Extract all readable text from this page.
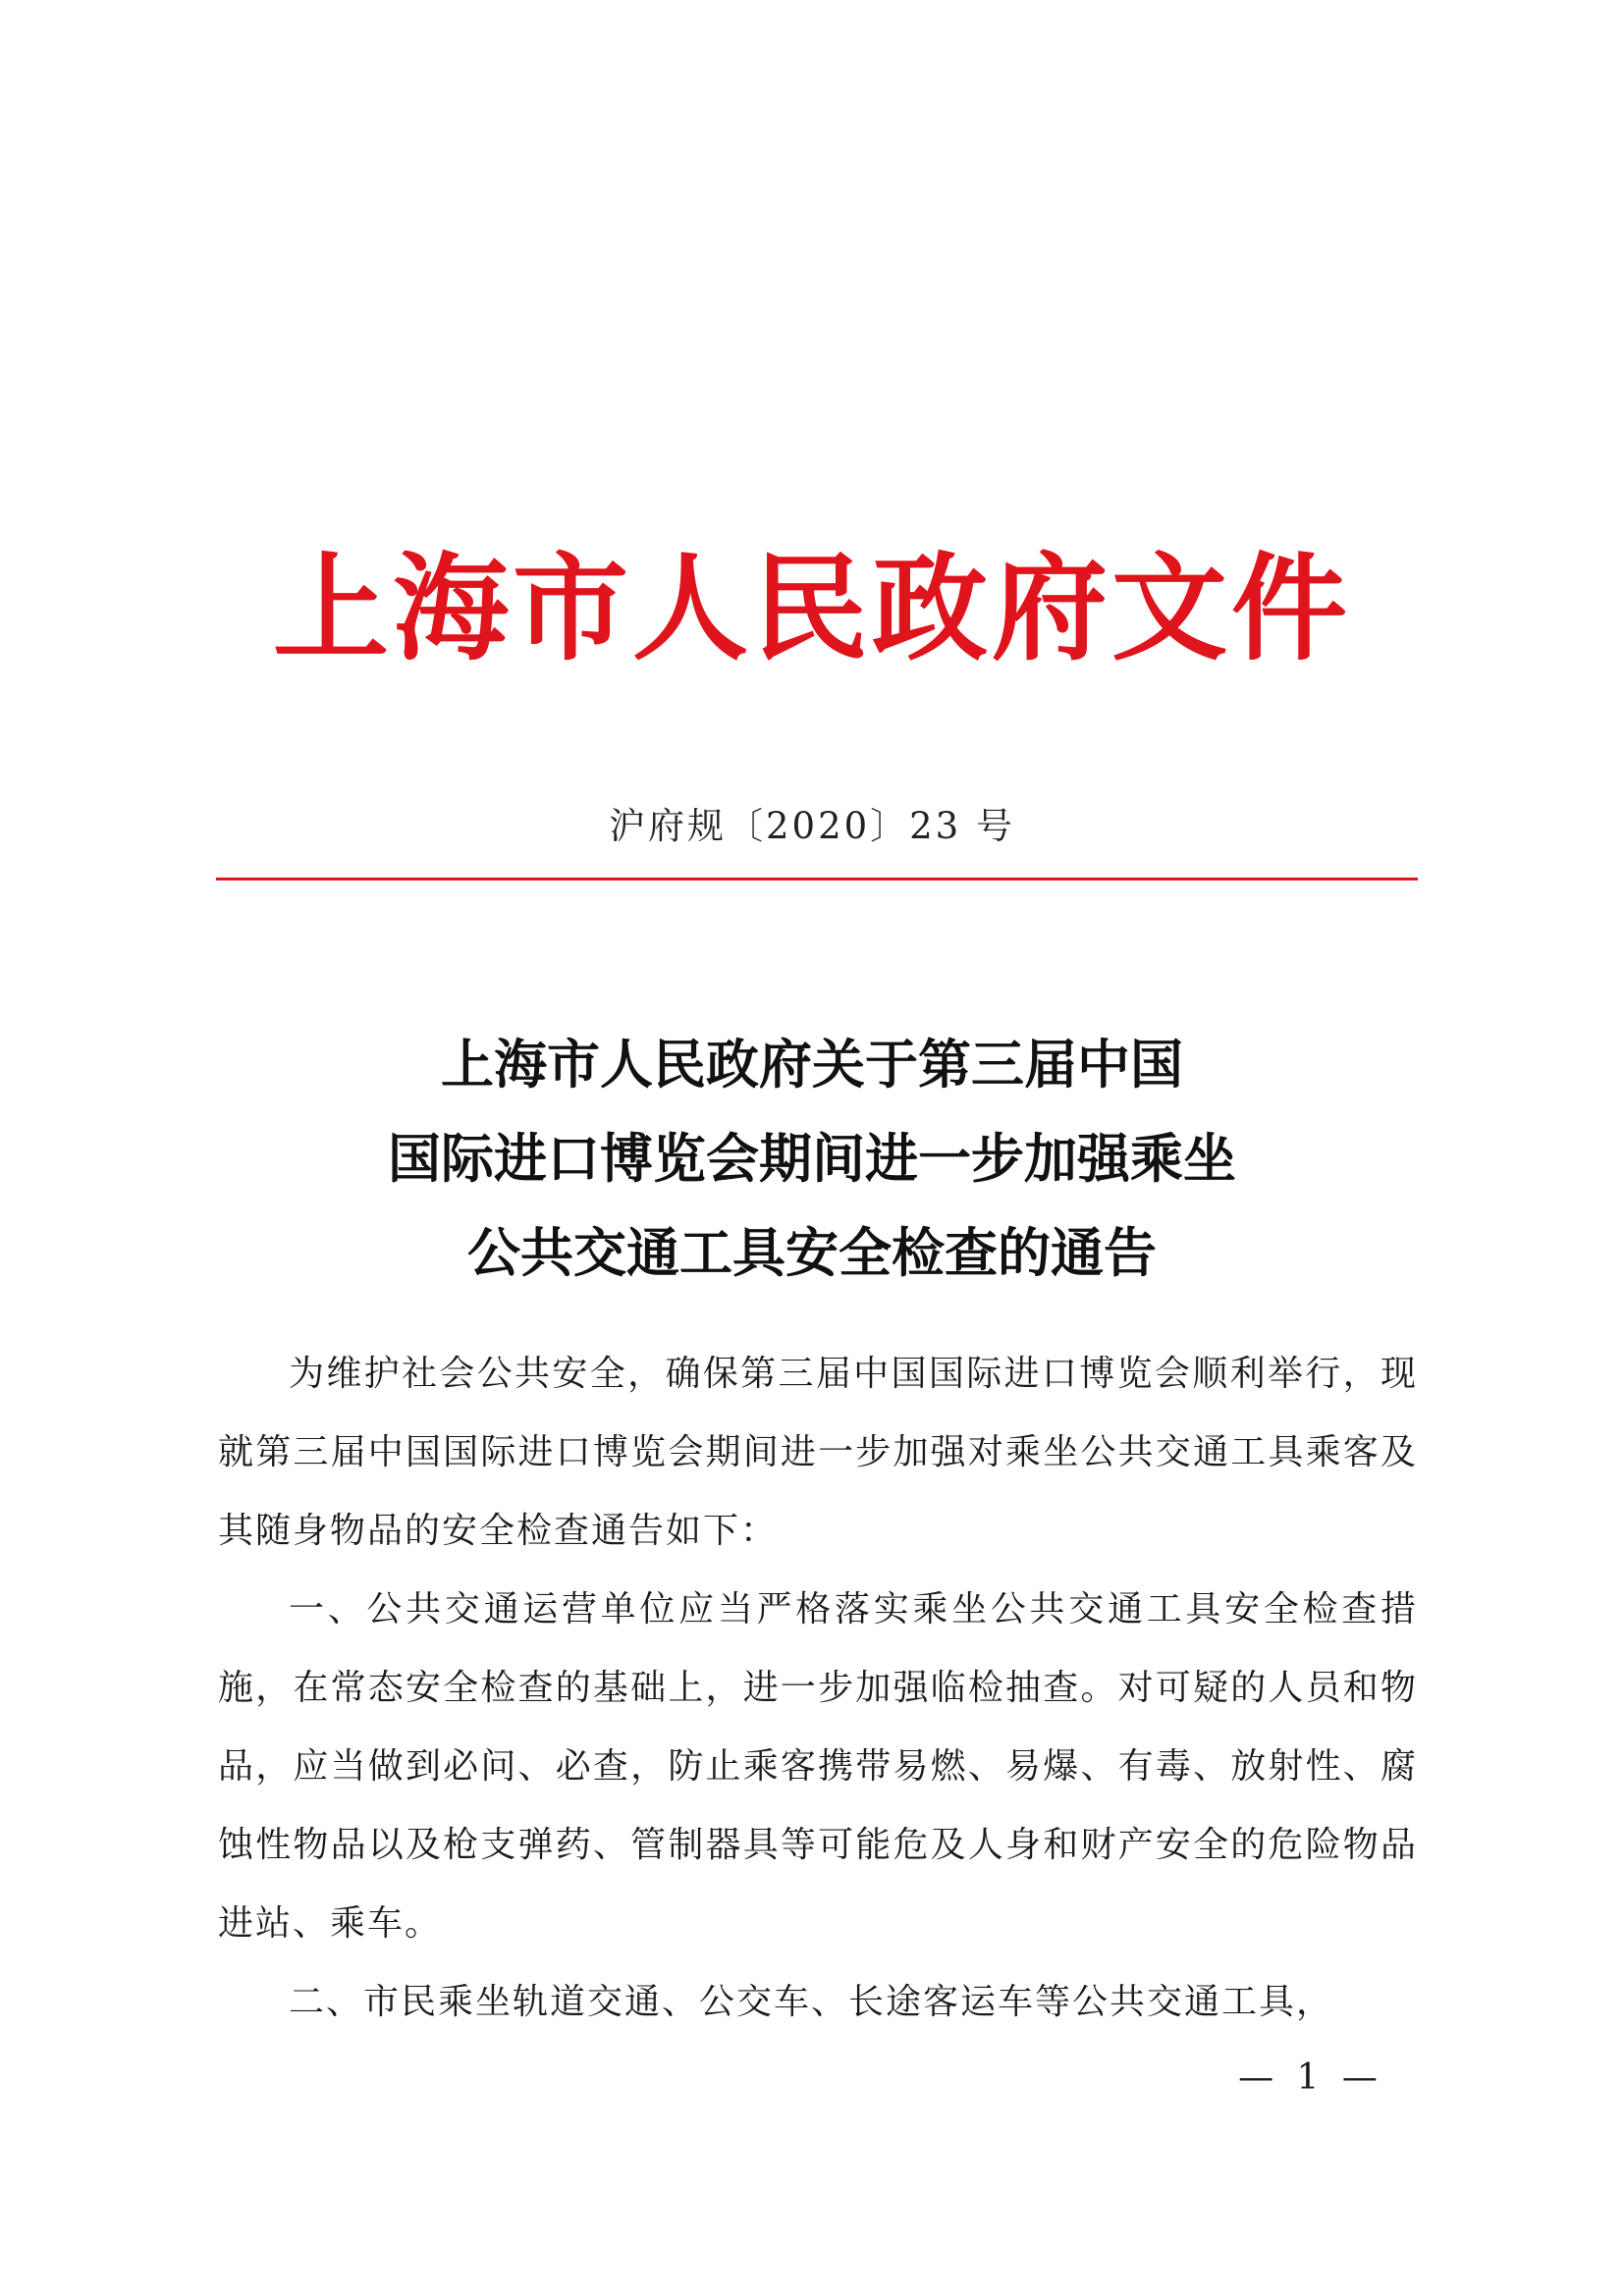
上海市人民政府文件
沪府规〔2020〕23 号
上海市人民政府关于第三届中国
国际进口博览会期间进一步加强乘坐
公共交通工具安全检查的通告

为维护社会公共安全，确保第三届中国国际进口博览会顺利举行，现就第三届中国国际进口博览会期间进一步加强对乘坐公共交通工具乘客及其随身物品的安全检查通告如下：

一、公共交通运营单位应当严格落实乘坐公共交通工具安全检查措施，在常态安全检查的基础上，进一步加强临检抽查。对可疑的人员和物品，应当做到必问、必查，防止乘客携带易燃、易爆、有毒、放射性、腐蚀性物品以及枪支弹药、管制器具等可能危及人身和财产安全的危险物品进站、乘车。

二、市民乘坐轨道交通、公交车、长途客运车等公共交通工具，

— 1 —
